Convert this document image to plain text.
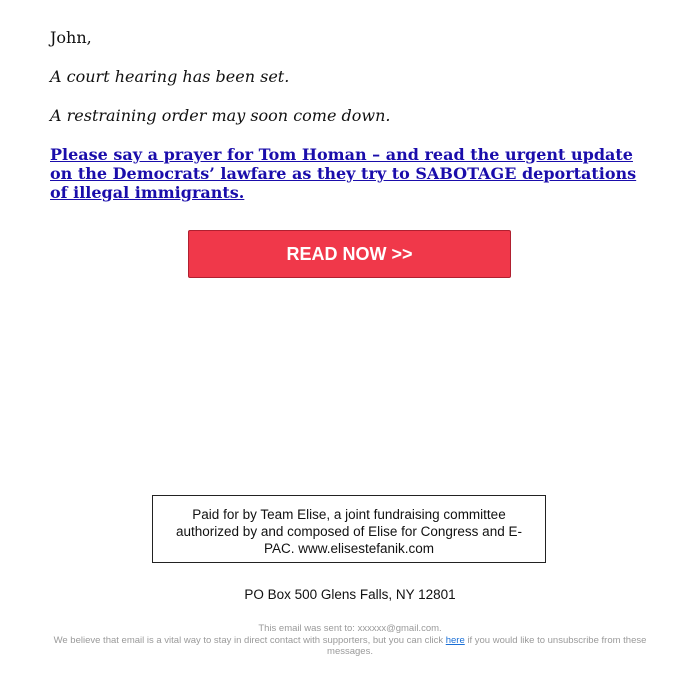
John,

A court hearing has been set.

A restraining order may soon come down.

Please say a prayer for Tom Homan – and read the urgent update on the Democrats’ lawfare as they try to SABOTAGE deportations of illegal immigrants.
READ NOW >>
Paid for by Team Elise, a joint fundraising committee authorized by and composed of Elise for Congress and E-PAC. www.elisestefanik.com
PO Box 500 Glens Falls, NY 12801
This email was sent to: xxxxxx@gmail.com.
We believe that email is a vital way to stay in direct contact with supporters, but you can click here if you would like to unsubscribe from these messages.
